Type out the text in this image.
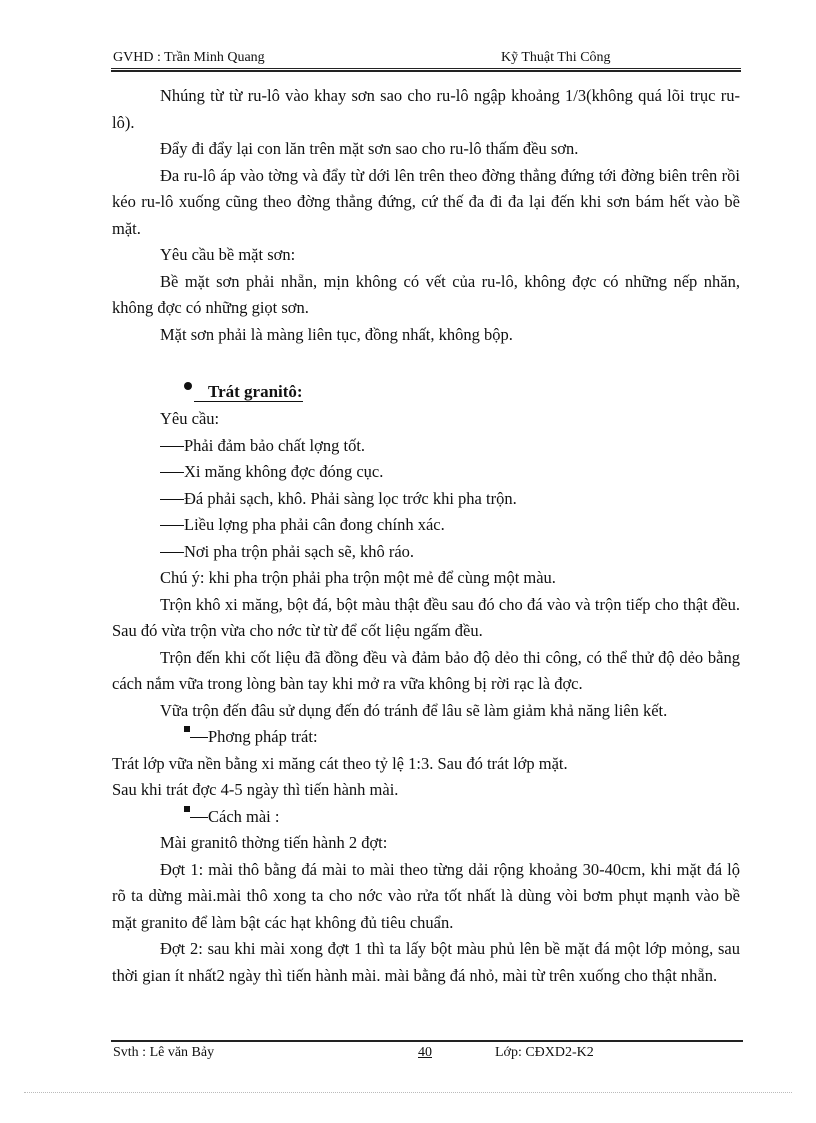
GVHD : Trần Minh Quang	Kỹ Thuật Thi Công

Nhúng từ từ ru-lô vào khay sơn sao cho ru-lô ngập khoảng 1/3(không quá lõi trục ru-lô).

Đẩy đi đẩy lại con lăn trên mặt sơn sao cho ru-lô thấm đều sơn.

Đa ru-lô áp vào tờng và đẩy từ dới lên trên theo đờng thẳng đứng tới đờng biên trên rồi kéo ru-lô xuống cũng theo đờng thẳng đứng, cứ thế đa đi đa lại đến khi sơn bám hết vào bề mặt.

Yêu cầu bề mặt sơn:

Bề mặt sơn phải nhẵn, mịn không có vết của ru-lô, không đợc có những nếp nhăn, không đợc có những giọt sơn.

Mặt sơn phải là màng liên tục, đồng nhất, không bộp.

Trát granitô:

Yêu cầu:

Phải đảm bảo chất lợng tốt.

Xi măng không đợc đóng cục.

Đá phải sạch, khô. Phải sàng lọc trớc khi pha trộn.

Liều lợng pha phải cân đong chính xác.

Nơi pha trộn phải sạch sẽ, khô ráo.

Chú ý: khi pha trộn phải pha trộn một mẻ để cùng một màu.

Trộn khô xi măng, bột đá, bột màu thật đều sau đó cho đá vào và trộn tiếp cho thật đều. Sau đó vừa trộn vừa cho nớc từ từ để cốt liệu ngấm đều.

Trộn đến khi cốt liệu đã đồng đều và đảm bảo độ dẻo thi công, có thể thử độ dẻo bằng cách nắm vữa trong lòng bàn tay khi mở ra vữa không bị rời rạc là đợc.

Vữa trộn đến đâu sử dụng đến đó tránh để lâu sẽ làm giảm khả năng liên kết.

Phơng pháp trát:

Trát lớp vữa nền bằng xi măng cát theo tỷ lệ 1:3. Sau đó trát lớp mặt.

Sau khi trát đợc 4-5 ngày thì tiến hành mài.

Cách mài :

Mài granitô thờng tiến hành 2 đợt:

Đợt 1: mài thô bằng đá mài to mài theo từng dải rộng khoảng 30-40cm, khi mặt đá lộ rõ ta dừng mài.mài thô xong ta cho nớc vào rửa tốt nhất là dùng vòi bơm phụt mạnh vào bề mặt granito để làm bật các hạt không đủ tiêu chuẩn.

Đợt 2: sau khi mài xong đợt 1 thì ta lấy bột màu phủ lên bề mặt đá một lớp mỏng, sau thời gian ít nhất2 ngày thì tiến hành mài. mài bằng đá nhỏ, mài từ trên xuống cho thật nhẵn.

Svth : Lê văn Bảy	40	Lớp: CĐXD2-K2
